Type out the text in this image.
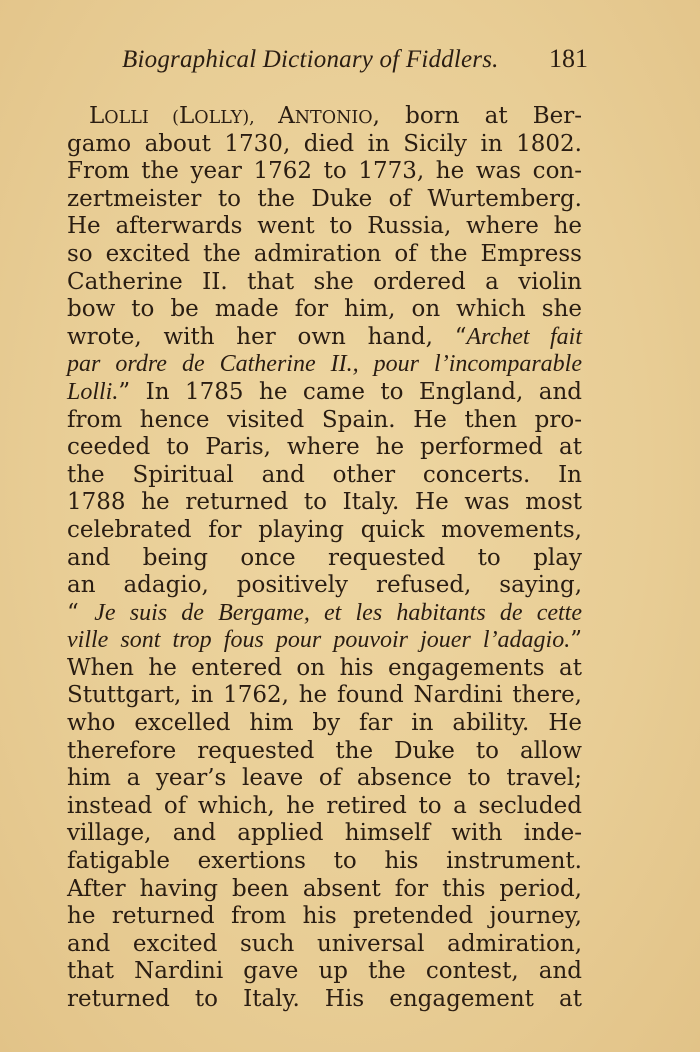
Biographical Dictionary of Fiddlers. 181
LOLLI (LOLLY), ANTONIO, born at Ber-
gamo about 1730, died in Sicily in 1802.
From the year 1762 to 1773, he was con-
zertmeister to the Duke of Wurtemberg.
He afterwards went to Russia, where he
so excited the admiration of the Empress
Catherine II. that she ordered a violin
bow to be made for him, on which she
wrote, with her own hand, “Archet fait
par ordre de Catherine II., pour l’incomparable
Lolli.” In 1785 he came to England, and
from hence visited Spain. He then pro-
ceeded to Paris, where he performed at
the Spiritual and other concerts. In
1788 he returned to Italy. He was most
celebrated for playing quick movements,
and being once requested to play
an adagio, positively refused, saying,
“ Je suis de Bergame, et les habitants de cette
ville sont trop fous pour pouvoir jouer l’adagio.”
When he entered on his engagements at
Stuttgart, in 1762, he found Nardini there,
who excelled him by far in ability. He
therefore requested the Duke to allow
him a year’s leave of absence to travel;
instead of which, he retired to a secluded
village, and applied himself with inde-
fatigable exertions to his instrument.
After having been absent for this period,
he returned from his pretended journey,
and excited such universal admiration,
that Nardini gave up the contest, and
returned to Italy. His engagement at
